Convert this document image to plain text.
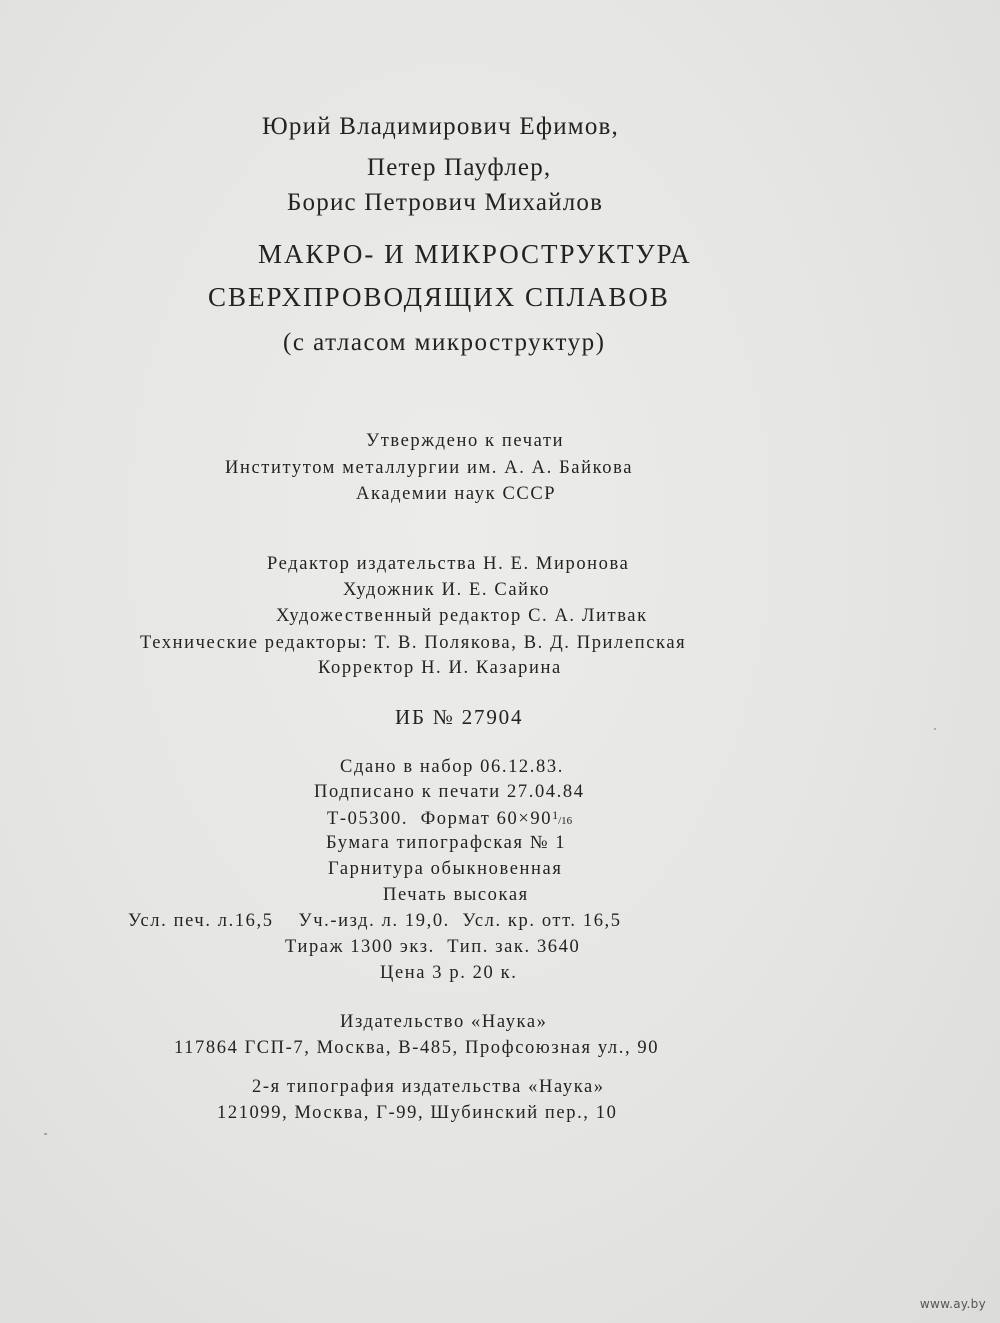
Юрий Владимирович Ефимов,
Петер Пауфлер,
Борис Петрович Михайлов
МАКРО- И МИКРОСТРУКТУРА
СВЕРХПРОВОДЯЩИХ СПЛАВОВ
(с атласом микроструктур)
Утверждено к печати
Институтом металлургии им. А. А. Байкова
Академии наук СССР
Редактор издательства Н. Е. Миронова
Художник И. Е. Сайко
Художественный редактор С. А. Литвак
Технические редакторы: Т. В. Полякова, В. Д. Прилепская
Корректор Н. И. Казарина
ИБ № 27904
Сдано в набор 06.12.83.
Подписано к печати 27.04.84
Т-05300.  Формат $60\times 90^1/16$
Бумага типографская № 1
Гарнитура обыкновенная
Печать высокая
Усл. печ. л.16,5    Уч.-изд. л. 19,0.  Усл. кр. отт. 16,5
Тираж 1300 экз.  Тип. зак. 3640
Цена 3 р. 20 к.
Издательство «Наука»
117864 ГСП-7, Москва, В-485, Профсоюзная ул., 90
2-я типография издательства «Наука»
121099, Москва, Г-99, Шубинский пер., 10
www.ay.by
